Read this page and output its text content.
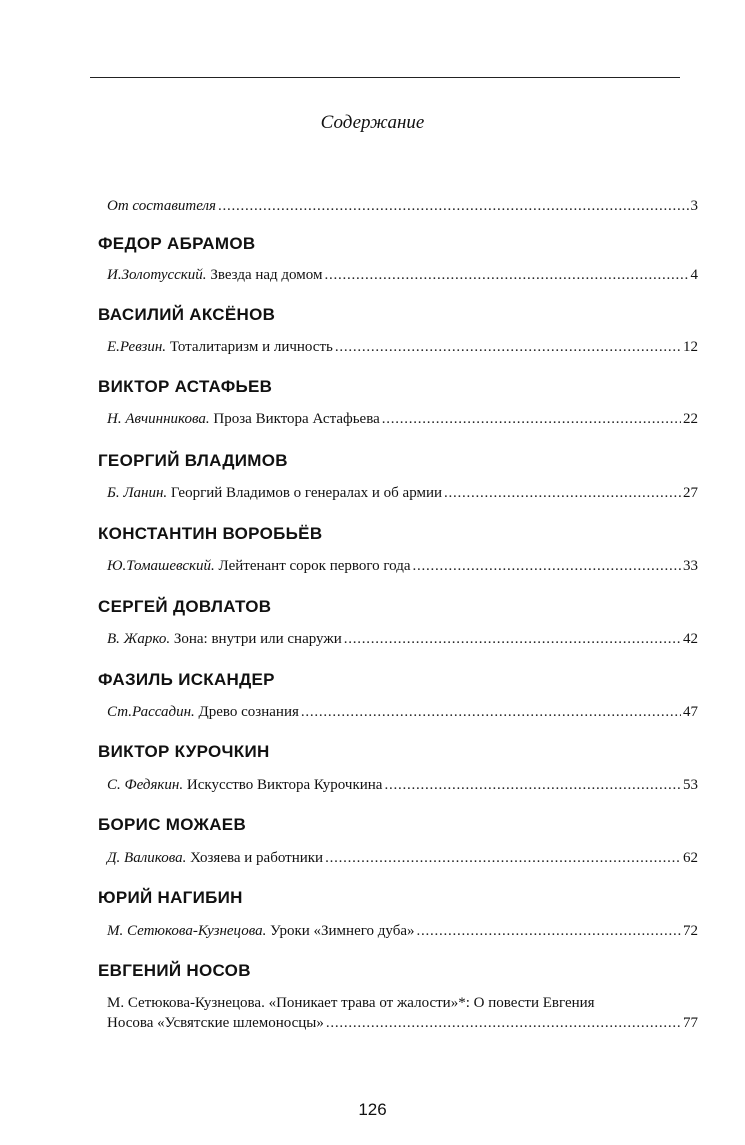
Содержание
От составителя . . .	3
ФЕДОР АБРАМОВ
И.Золотусский. Звезда над домом . . .	4
ВАСИЛИЙ АКСЁНОВ
Е.Ревзин. Тоталитаризм и личность . . .	12
ВИКТОР АСТАФЬЕВ
Н. Авчинникова. Проза Виктора Астафьева . . .	22
ГЕОРГИЙ ВЛАДИМОВ
Б. Ланин. Георгий Владимов о генералах и об армии . . .	27
КОНСТАНТИН ВОРОБЬЁВ
Ю.Томашевский. Лейтенант сорок первого года . . .	33
СЕРГЕЙ ДОВЛАТОВ
В. Жарко. Зона: внутри или снаружи . . .	42
ФАЗИЛЬ ИСКАНДЕР
Ст.Рассадин. Древо сознания . . .	47
ВИКТОР КУРОЧКИН
С. Федякин. Искусство Виктора Курочкина . . .	53
БОРИС МОЖАЕВ
Д. Валикова. Хозяева и работники . . .	62
ЮРИЙ НАГИБИН
М. Сетюкова-Кузнецова. Уроки «Зимнего дуба» . . .	72
ЕВГЕНИЙ НОСОВ
М. Сетюкова-Кузнецова. «Поникает трава от жалости»*: О повести Евгения
Носова «Усвятские шлемоносцы» . . .	77
126
